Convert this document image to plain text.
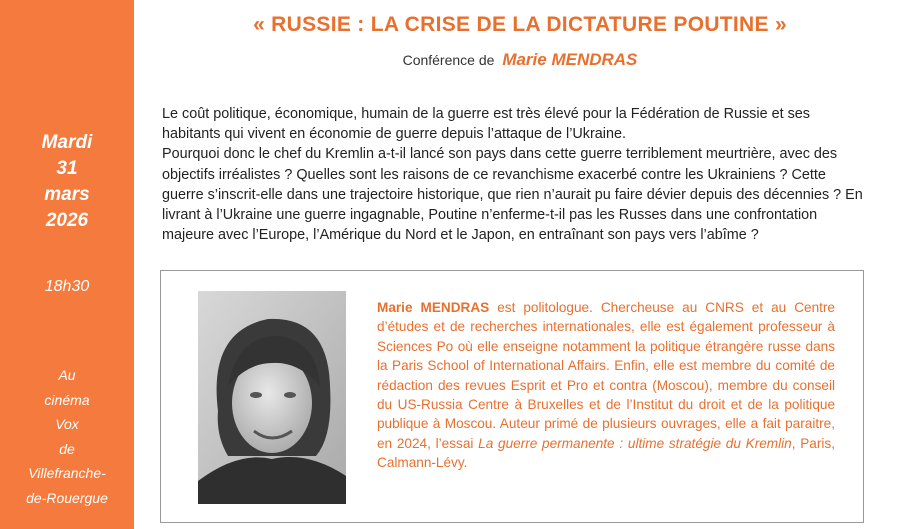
Mardi
31
mars
2026
18h30
Au
cinéma
Vox
de
Villefranche-
de-Rouergue
« RUSSIE : LA CRISE DE LA DICTATURE POUTINE »
Conférence de Marie MENDRAS

Le coût politique, économique, humain de la guerre est très élevé pour la Fédération de Russie et ses habitants qui vivent en économie de guerre depuis l’attaque de l’Ukraine.

Pourquoi donc le chef du Kremlin a-t-il lancé son pays dans cette guerre terriblement meurtrière, avec des objectifs irréalistes ? Quelles sont les raisons de ce revanchisme exacerbé contre les Ukrainiens ? Cette guerre s’inscrit-elle dans une trajectoire historique, que rien n’aurait pu faire dévier depuis des décennies ? En livrant à l’Ukraine une guerre ingagnable, Poutine n’enferme-t-il pas les Russes dans une confrontation majeure avec l’Europe, l’Amérique du Nord et le Japon, en entraînant son pays vers l’abîme ?

Marie MENDRAS est politologue. Chercheuse au CNRS et au Centre d’études et de recherches internationales, elle est également professeur à Sciences Po où elle enseigne notamment la politique étrangère russe dans la Paris School of International Affairs. Enfin, elle est membre du comité de rédaction des revues Esprit et Pro et contra (Moscou), membre du conseil du US-Russia Centre à Bruxelles et de l’Institut du droit et de la politique publique à Moscou. Auteur primé de plusieurs ouvrages, elle a fait paraitre, en 2024, l’essai La guerre permanente : ultime stratégie du Kremlin, Paris, Calmann-Lévy.
